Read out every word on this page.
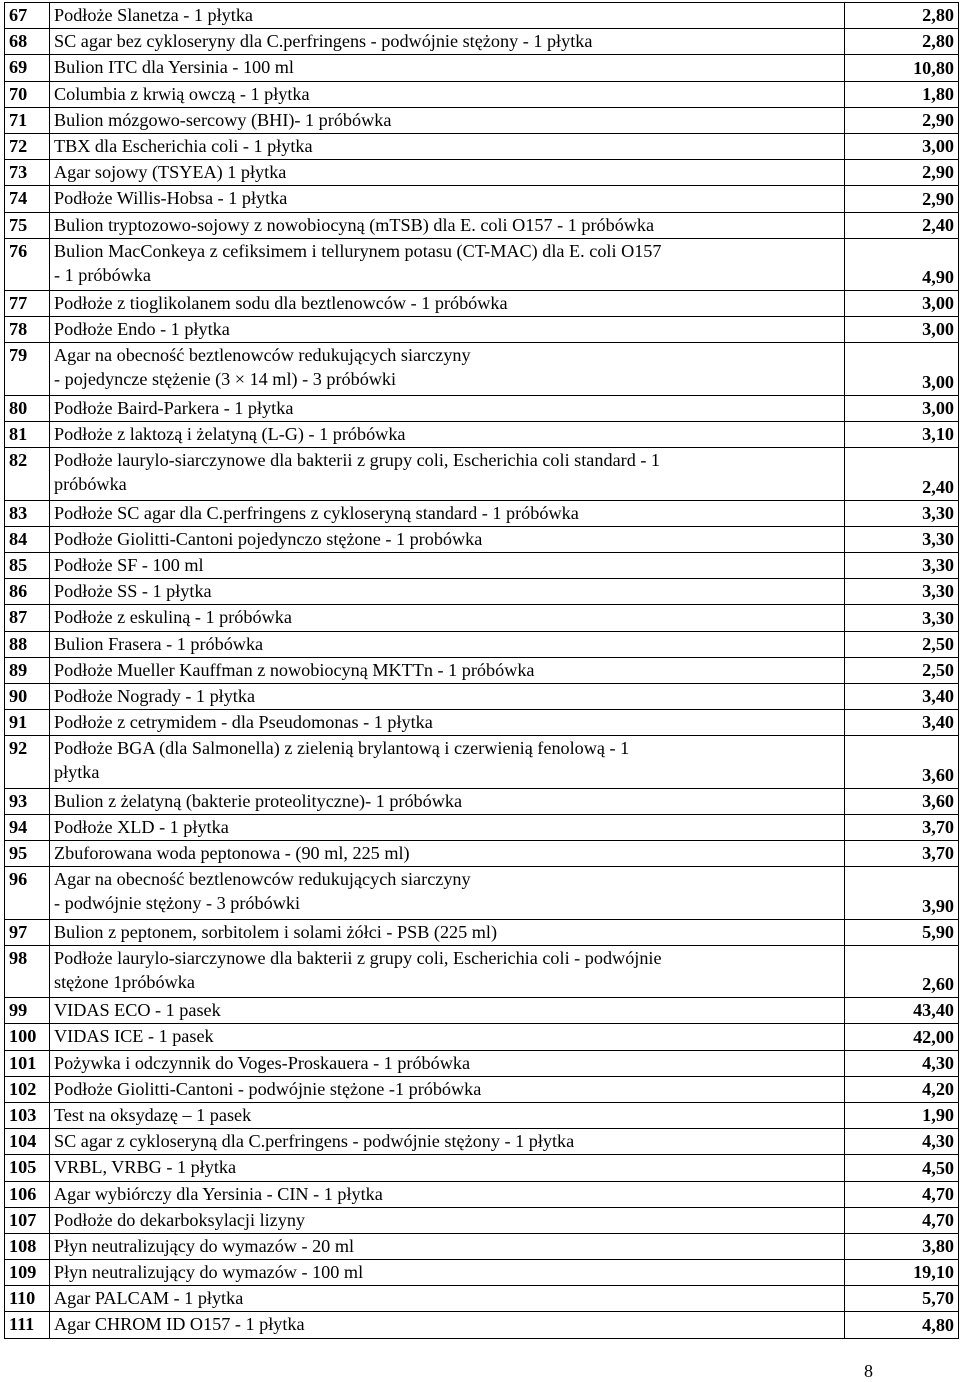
67	Podłoże Slanetza - 1 płytka	2,80
68	SC agar bez cykloseryny dla C.perfringens - podwójnie stężony - 1 płytka	2,80
69	Bulion ITC dla Yersinia - 100 ml	10,80
70	Columbia z krwią owczą - 1 płytka	1,80
71	Bulion mózgowo-sercowy (BHI)- 1 próbówka	2,90
72	TBX dla Escherichia coli - 1 płytka	3,00
73	Agar sojowy (TSYEA) 1 płytka	2,90
74	Podłoże Willis-Hobsa - 1 płytka	2,90
75	Bulion tryptozowo-sojowy z nowobiocyną (mTSB) dla E. coli O157 - 1 próbówka	2,40
76	Bulion MacConkeya z cefiksimem i tellurynem potasu (CT-MAC) dla E. coli O157
- 1 próbówka	4,90
77	Podłoże z tioglikolanem sodu dla beztlenowców - 1 próbówka	3,00
78	Podłoże Endo - 1 płytka	3,00
79	Agar na obecność beztlenowców redukujących siarczyny
- pojedyncze stężenie (3 × 14 ml) - 3 próbówki	3,00
80	Podłoże Baird-Parkera - 1 płytka	3,00
81	Podłoże z laktozą i żelatyną (L-G) - 1 próbówka	3,10
82	Podłoże laurylo-siarczynowe dla bakterii z grupy coli, Escherichia coli standard - 1
próbówka	2,40
83	Podłoże SC agar dla C.perfringens z cykloseryną standard - 1 próbówka	3,30
84	Podłoże Giolitti-Cantoni pojedynczo stężone - 1 probówka	3,30
85	Podłoże SF - 100 ml	3,30
86	Podłoże SS - 1 płytka	3,30
87	Podłoże z eskuliną - 1 próbówka	3,30
88	Bulion Frasera - 1 próbówka	2,50
89	Podłoże Mueller Kauffman z nowobiocyną MKTTn - 1 próbówka	2,50
90	Podłoże Nogrady - 1 płytka	3,40
91	Podłoże z cetrymidem - dla Pseudomonas - 1 płytka	3,40
92	Podłoże BGA (dla Salmonella) z zielenią brylantową i czerwienią fenolową - 1
płytka	3,60
93	Bulion z żelatyną (bakterie proteolityczne)- 1 próbówka	3,60
94	Podłoże XLD - 1 płytka	3,70
95	Zbuforowana woda peptonowa - (90 ml, 225 ml)	3,70
96	Agar na obecność beztlenowców redukujących siarczyny
- podwójnie stężony - 3 próbówki	3,90
97	Bulion z peptonem, sorbitolem i solami żółci - PSB (225 ml)	5,90
98	Podłoże laurylo-siarczynowe dla bakterii z grupy coli, Escherichia coli - podwójnie
stężone 1próbówka	2,60
99	VIDAS ECO - 1 pasek	43,40
100	VIDAS ICE - 1 pasek	42,00
101	Pożywka i odczynnik do Voges-Proskauera - 1 próbówka	4,30
102	Podłoże Giolitti-Cantoni - podwójnie stężone -1 próbówka	4,20
103	Test na oksydazę – 1 pasek	1,90
104	SC agar z cykloseryną dla C.perfringens - podwójnie stężony - 1 płytka	4,30
105	VRBL, VRBG - 1 płytka	4,50
106	Agar wybiórczy dla Yersinia - CIN - 1 płytka	4,70
107	Podłoże do dekarboksylacji lizyny	4,70
108	Płyn neutralizujący do wymazów - 20 ml	3,80
109	Płyn neutralizujący do wymazów - 100 ml	19,10
110	Agar PALCAM - 1 płytka	5,70
111	Agar CHROM ID O157 - 1 płytka	4,80
8
